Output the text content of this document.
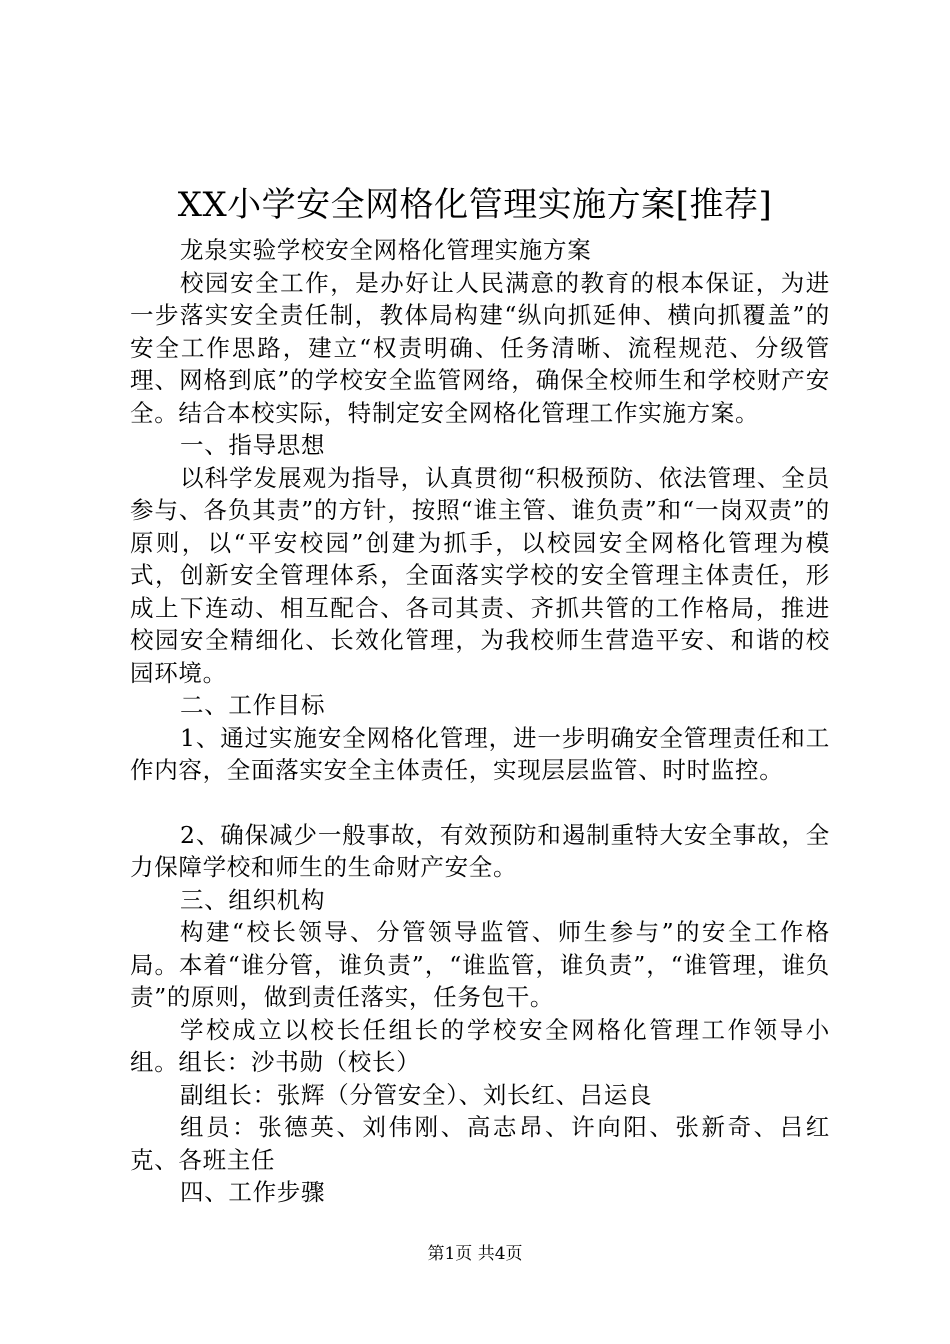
XX小学安全网格化管理实施方案[推荐]

龙泉实验学校安全网格化管理实施方案

校园安全工作，是办好让人民满意的教育的根本保证，为进一步落实安全责任制，教体局构建“纵向抓延伸、横向抓覆盖”的安全工作思路，建立“权责明确、任务清晰、流程规范、分级管理、网格到底”的学校安全监管网络，确保全校师生和学校财产安全。结合本校实际，特制定安全网格化管理工作实施方案。

一、指导思想

以科学发展观为指导，认真贯彻“积极预防、依法管理、全员参与、各负其责”的方针，按照“谁主管、谁负责”和“一岗双责”的原则，以“平安校园”创建为抓手，以校园安全网格化管理为模式，创新安全管理体系，全面落实学校的安全管理主体责任，形成上下连动、相互配合、各司其责、齐抓共管的工作格局，推进校园安全精细化、长效化管理，为我校师生营造平安、和谐的校园环境。

二、工作目标

1、通过实施安全网格化管理，进一步明确安全管理责任和工作内容，全面落实安全主体责任，实现层层监管、时时监控。

2、确保减少一般事故，有效预防和遏制重特大安全事故，全力保障学校和师生的生命财产安全。

三、组织机构

构建“校长领导、分管领导监管、师生参与”的安全工作格局。本着“谁分管，谁负责”，“谁监管，谁负责”，“谁管理，谁负责”的原则，做到责任落实，任务包干。

学校成立以校长任组长的学校安全网格化管理工作领导小组。组长：沙书勋（校长）

副组长：张辉（分管安全）、刘长红、吕运良

组员：张德英、刘伟刚、高志昂、许向阳、张新奇、吕红克、各班主任

四、工作步骤

第1页 共4页
